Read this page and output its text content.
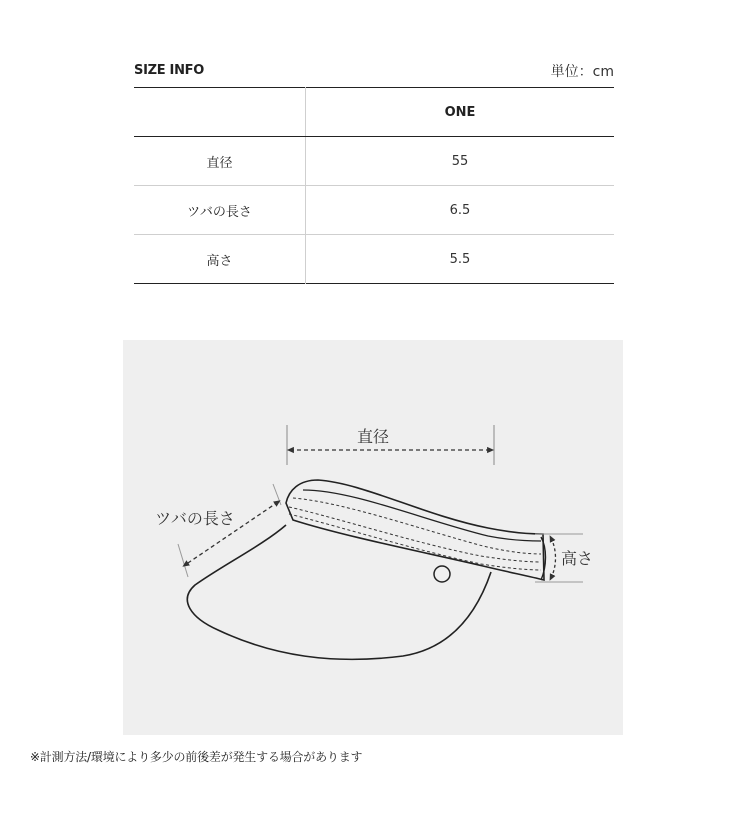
SIZE INFO	単位：cm
	ONE
直径	55
ツバの長さ	6.5
高さ	5.5
直径
ツバの長さ
高さ
※計測方法/環境により多少の前後差が発生する場合があります
